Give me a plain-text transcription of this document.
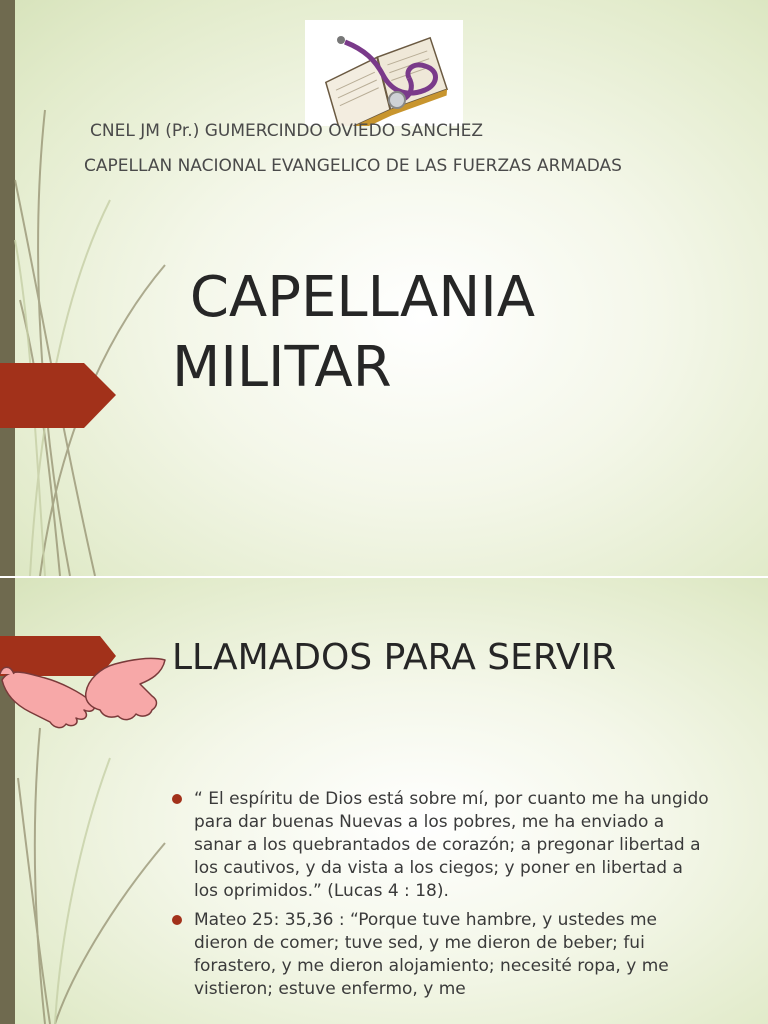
CNEL JM (Pr.) GUMERCINDO OVIEDO SANCHEZ
CAPELLAN NACIONAL EVANGELICO DE LAS FUERZAS ARMADAS
CAPELLANIA MILITAR
LLAMADOS PARA SERVIR
“ El espíritu de Dios está sobre mí, por cuanto me ha ungido para dar buenas Nuevas a los pobres, me ha enviado a sanar a los quebrantados de corazón; a pregonar libertad a los cautivos, y da vista a los ciegos; y poner en libertad a los oprimidos.” (Lucas 4 : 18).
Mateo 25: 35,36 : “Porque tuve hambre, y ustedes me dieron de comer; tuve sed, y me dieron de beber; fui forastero, y me dieron alojamiento; necesité ropa, y me vistieron; estuve enfermo, y me
